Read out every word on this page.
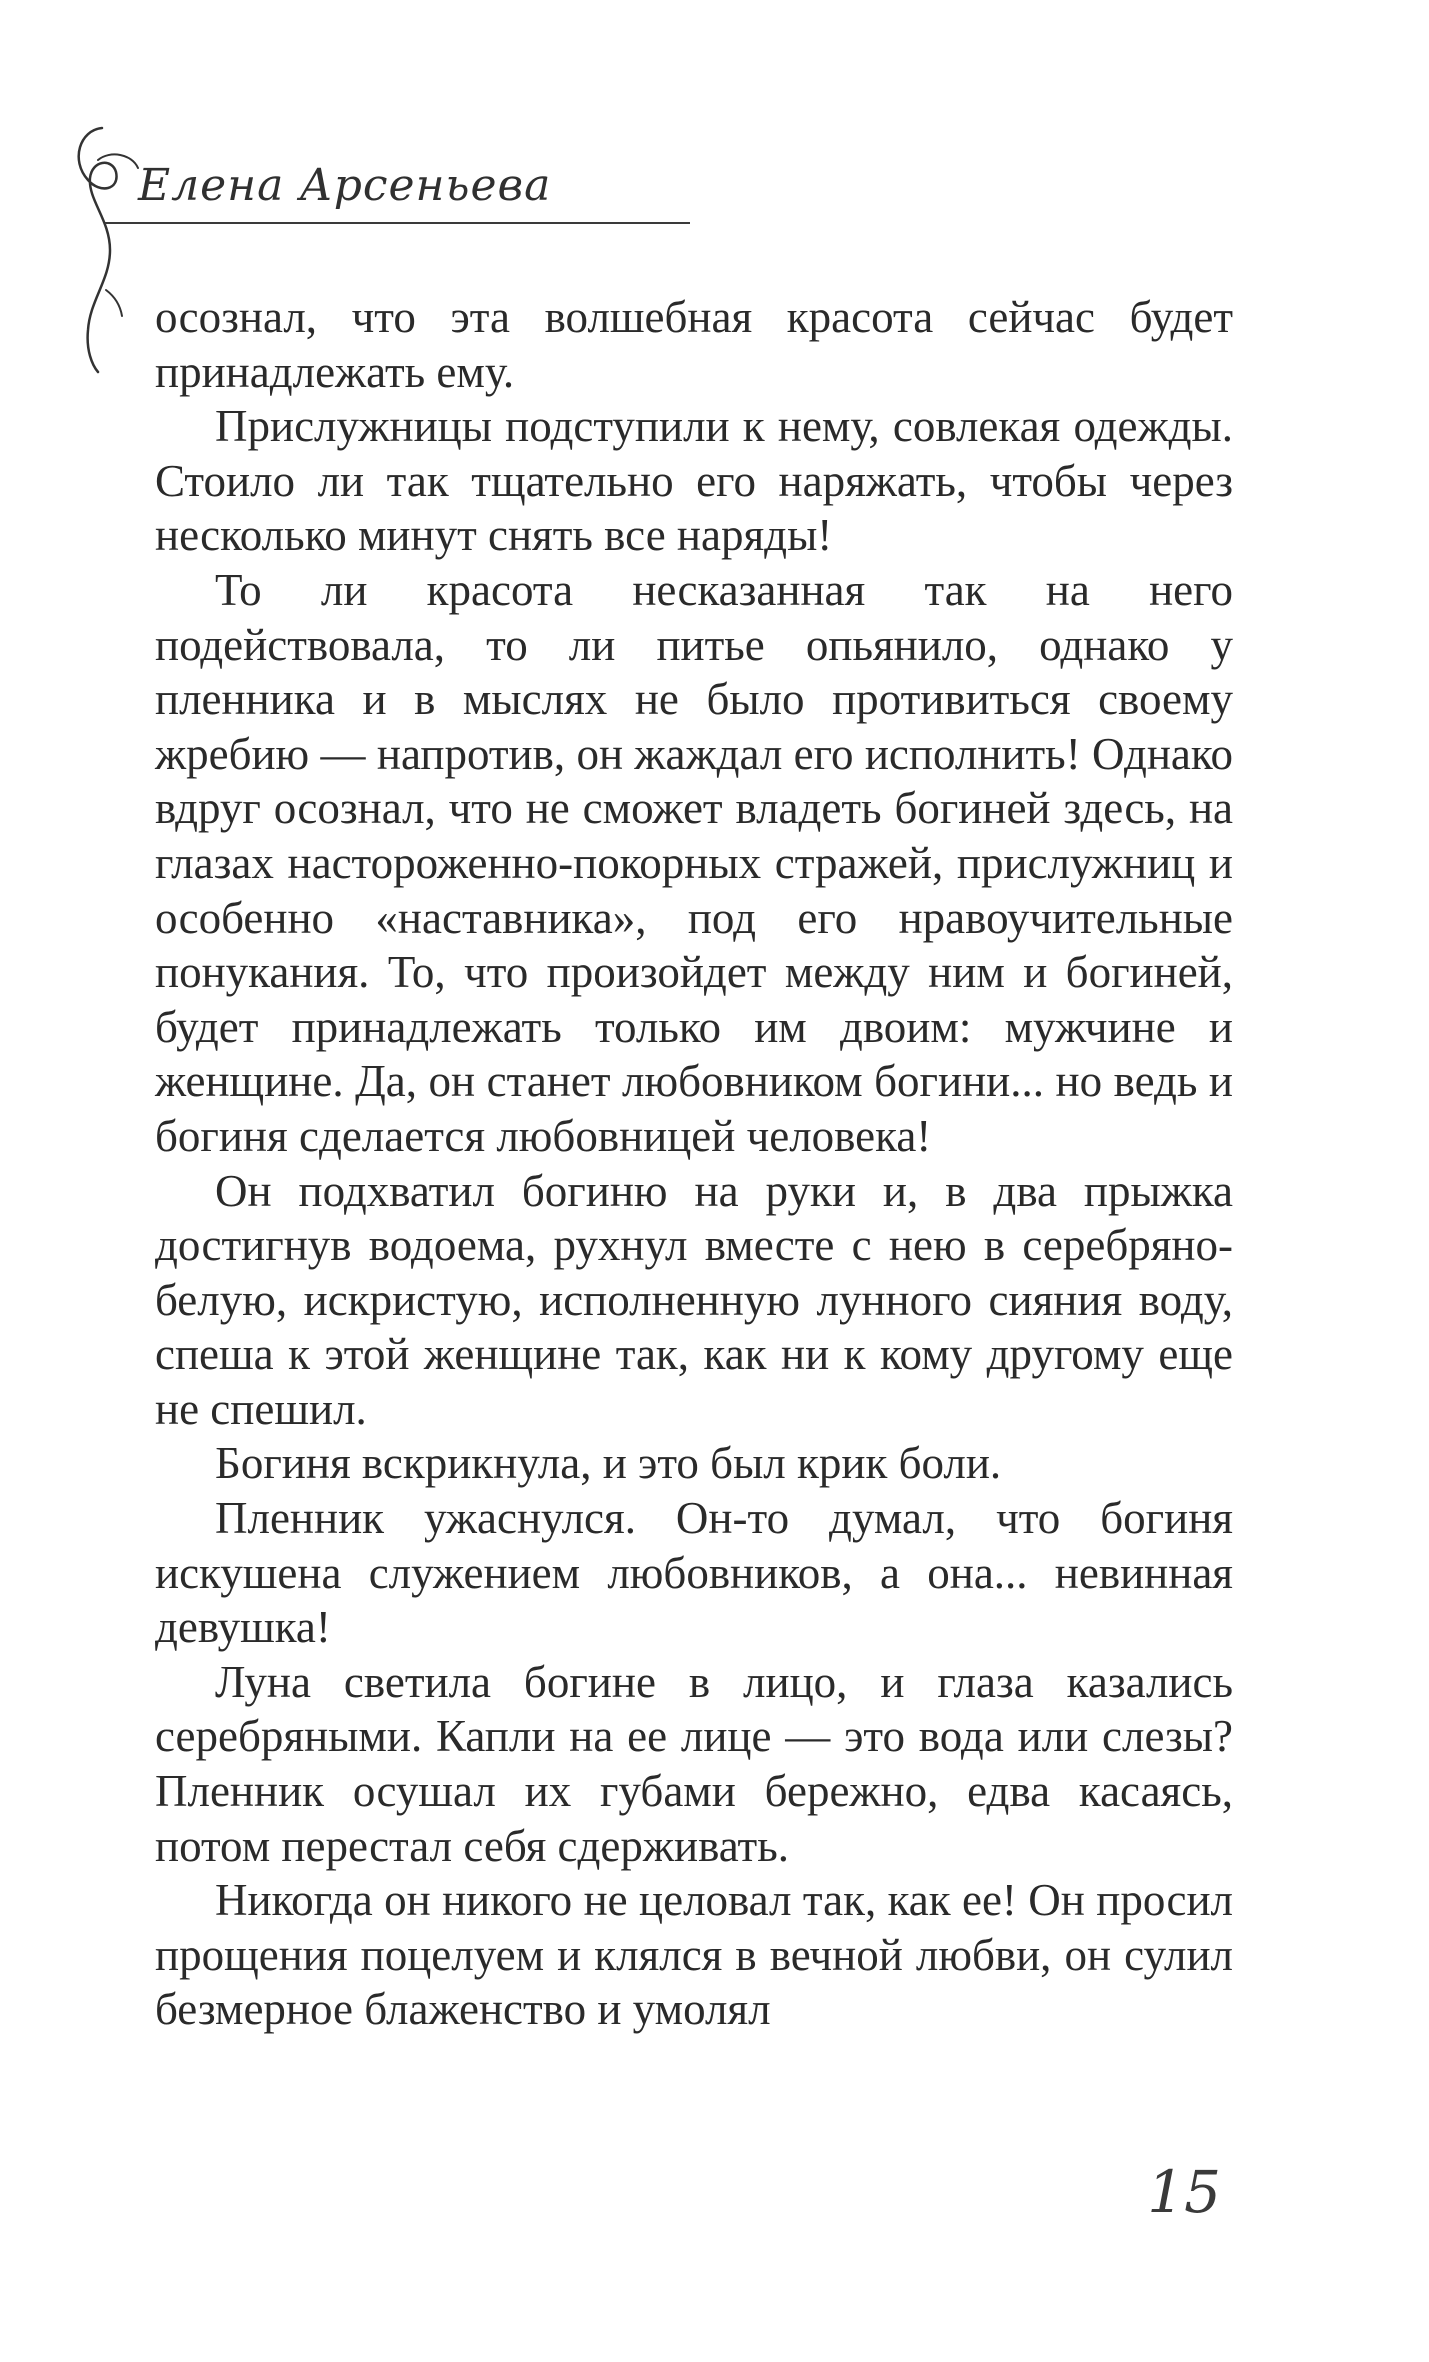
Елена Арсеньева

осознал, что эта волшебная красота сейчас будет принадлежать ему.

Прислужницы подступили к нему, совлекая одежды. Стоило ли так тщательно его наряжать, чтобы через несколько минут снять все наряды!

То ли красота несказанная так на него подействовала, то ли питье опьянило, однако у пленника и в мыслях не было противиться своему жребию — напротив, он жаждал его исполнить! Однако вдруг осознал, что не сможет владеть богиней здесь, на глазах настороженно-покорных стражей, прислужниц и особенно «наставника», под его нравоучительные понукания. То, что произойдет между ним и богиней, будет принадлежать только им двоим: мужчине и женщине. Да, он станет любовником богини... но ведь и богиня сделается любовницей человека!

Он подхватил богиню на руки и, в два прыжка достигнув водоема, рухнул вместе с нею в серебряно-белую, искристую, исполненную лунного сияния воду, спеша к этой женщине так, как ни к кому другому еще не спешил.

Богиня вскрикнула, и это был крик боли.

Пленник ужаснулся. Он-то думал, что богиня искушена служением любовников, а она... невинная девушка!

Луна светила богине в лицо, и глаза казались серебряными. Капли на ее лице — это вода или слезы? Пленник осушал их губами бережно, едва касаясь, потом перестал себя сдерживать.

Никогда он никого не целовал так, как ее! Он просил прощения поцелуем и клялся в вечной любви, он сулил безмерное блаженство и умолял

15
